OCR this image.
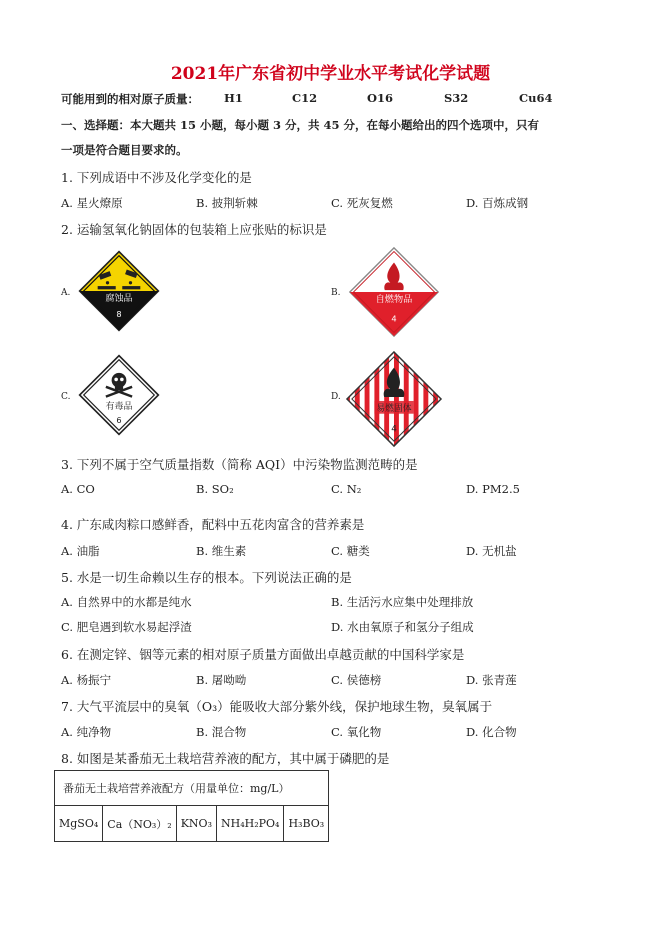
2021年广东省初中学业水平考试化学试题
可能用到的相对原子质量： H1	C12	O16	S32	Cu64
一、选择题：本大题共 15 小题，每小题 3 分，共 45 分，在每小题给出的四个选项中，只有
一项是符合题目要求的。
1. 下列成语中不涉及化学变化的是
A. 星火燎原	B. 披荆斩棘	C. 死灰复燃	D. 百炼成钢
2. 运输氢氧化钠固体的包装箱上应张贴的标识是
A.	B.
C.	D.
腐蚀品
8
自燃物品
4
有毒品
6
易燃固体
4
3. 下列不属于空气质量指数（简称 AQI）中污染物监测范畴的是
A. CO	B. SO₂	C. N₂	D. PM2.5
4. 广东咸肉粽口感鲜香，配料中五花肉富含的营养素是
A. 油脂	B. 维生素	C. 糖类	D. 无机盐
5. 水是一切生命赖以生存的根本。下列说法正确的是
A. 自然界中的水都是纯水	B. 生活污水应集中处理排放
C. 肥皂遇到软水易起浮渣	D. 水由氧原子和氢分子组成
6. 在测定锌、铟等元素的相对原子质量方面做出卓越贡献的中国科学家是
A. 杨振宁	B. 屠呦呦	C. 侯德榜	D. 张青莲
7. 大气平流层中的臭氧（O₃）能吸收大部分紫外线，保护地球生物，臭氧属于
A. 纯净物	B. 混合物	C. 氧化物	D. 化合物
8. 如图是某番茄无土栽培营养液的配方，其中属于磷肥的是
番茄无土栽培营养液配方（用量单位：mg/L）
MgSO₄	Ca（NO₃）₂	KNO₃	NH₄H₂PO₄	H₃BO₃
